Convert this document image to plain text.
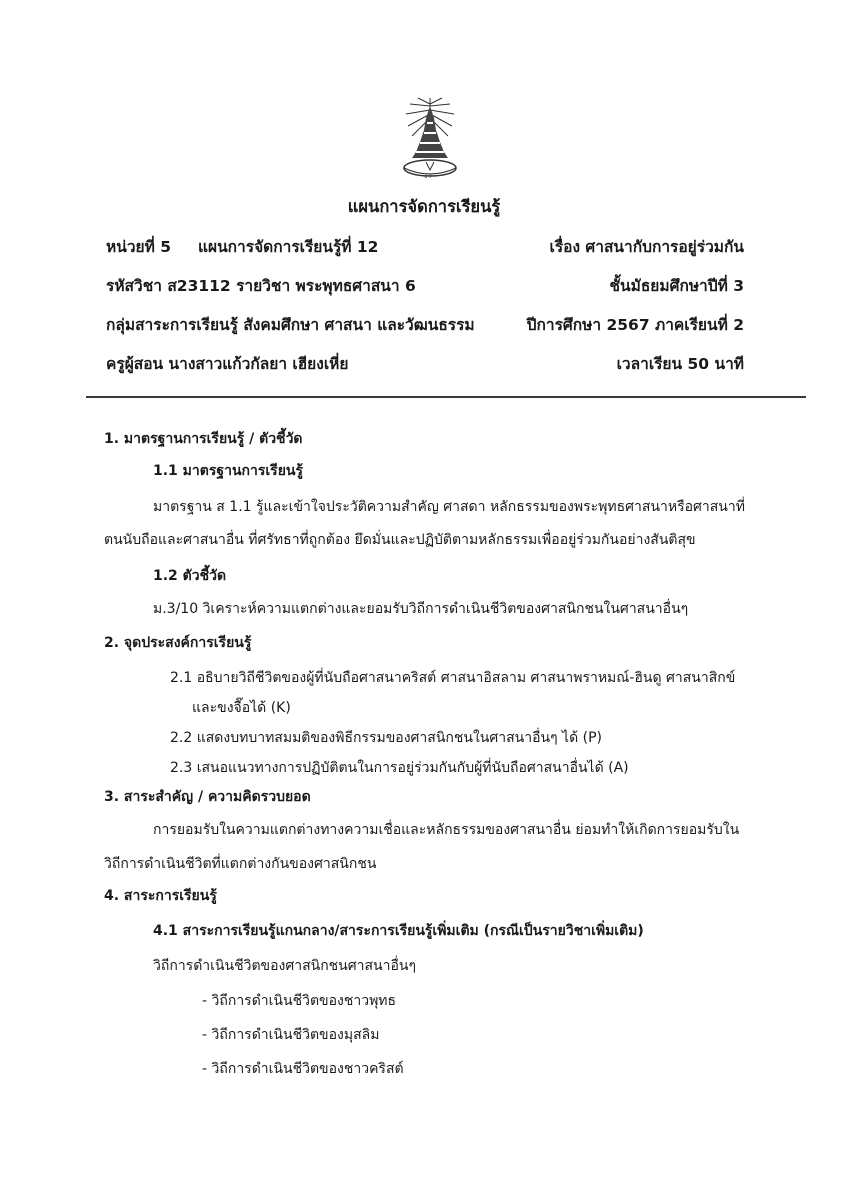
ป ร
แผนการจัดการเรียนรู้
หน่วยที่ 5 แผนการจัดการเรียนรู้ที่ 12	เรื่อง ศาสนากับการอยู่ร่วมกัน
รหัสวิชา ส23112 รายวิชา พระพุทธศาสนา 6	ชั้นมัธยมศึกษาปีที่ 3
กลุ่มสาระการเรียนรู้ สังคมศึกษา ศาสนา และวัฒนธรรม	ปีการศึกษา 2567 ภาคเรียนที่ 2
ครูผู้สอน นางสาวแก้วกัลยา เฮียงเหี่ย	เวลาเรียน 50 นาที
1. มาตรฐานการเรียนรู้ / ตัวชี้วัด
1.1 มาตรฐานการเรียนรู้
มาตรฐาน ส 1.1 รู้และเข้าใจประวัติความสำคัญ ศาสดา หลักธรรมของพระพุทธศาสนาหรือศาสนาที่
ตนนับถือและศาสนาอื่น ที่ศรัทธาที่ถูกต้อง ยึดมั่นและปฏิบัติตามหลักธรรมเพื่ออยู่ร่วมกันอย่างสันติสุข
1.2 ตัวชี้วัด
ม.3/10 วิเคราะห์ความแตกต่างและยอมรับวิถีการดำเนินชีวิตของศาสนิกชนในศาสนาอื่นๆ
2. จุดประสงค์การเรียนรู้
2.1 อธิบายวิถีชีวิตของผู้ที่นับถือศาสนาคริสต์ ศาสนาอิสลาม ศาสนาพราหมณ์-ฮินดู ศาสนาสิกข์
และขงจื๊อได้ (K)
2.2 แสดงบทบาทสมมติของพิธีกรรมของศาสนิกชนในศาสนาอื่นๆ ได้ (P)
2.3 เสนอแนวทางการปฏิบัติตนในการอยู่ร่วมกันกับผู้ที่นับถือศาสนาอื่นได้ (A)
3. สาระสำคัญ / ความคิดรวบยอด
การยอมรับในความแตกต่างทางความเชื่อและหลักธรรมของศาสนาอื่น ย่อมทำให้เกิดการยอมรับใน
วิถีการดำเนินชีวิตที่แตกต่างกันของศาสนิกชน
4. สาระการเรียนรู้
4.1 สาระการเรียนรู้แกนกลาง/สาระการเรียนรู้เพิ่มเติม (กรณีเป็นรายวิชาเพิ่มเติม)
วิถีการดำเนินชีวิตของศาสนิกชนศาสนาอื่นๆ
- วิถีการดำเนินชีวิตของชาวพุทธ
- วิถีการดำเนินชีวิตของมุสลิม
- วิถีการดำเนินชีวิตของชาวคริสต์
